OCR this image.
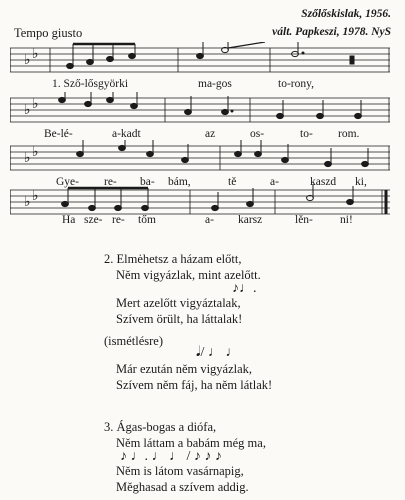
Szőlőskislak, 1956.
vált. Papkeszi, 1978. NyS
Tempo giusto
♭ ♭
1. Sző-lősgyörki	ma-gos	to-rony,
♭ ♭
Be-lé-	a-kadt	az	os-	to- rom.
♭ ♭
Gye- re- ba- bám,	tě	a-	kaszd ki,
♭ ♭
Ha sze- re- tőm	a- karsz	lěn- ni!
2. Elmėhetsz a házam előtt,
Něm vigyázlak, mint azelőtt.
♪♩.
Mert azelőtt vigyáztalak,
Szívem örült, ha láttalak!
(ismétlésre)
𝅘𝅥/ ♩ ♩
Már ezután něm vigyázlak,
Szívem něm fáj, ha něm látlak!
3. Ágas-bogas a diófa,
Něm láttam a babám még ma,
♪ ♩. ♩ ♩ / ♪ ♪ ♪
Něm is látom vasárnapig,
Měghasad a szívem addig.
